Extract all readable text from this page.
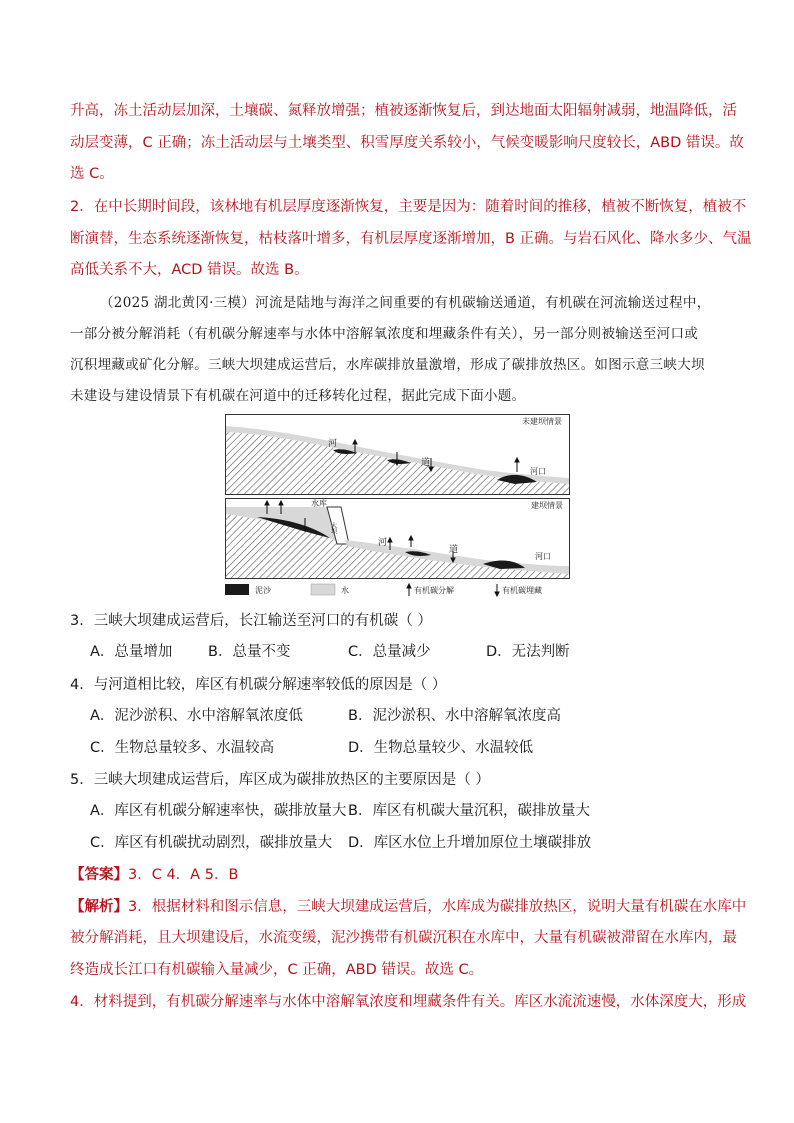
升高，冻土活动层加深，土壤碳、氮释放增强；植被逐渐恢复后，到达地面太阳辐射减弱，地温降低，活
动层变薄，C 正确；冻土活动层与土壤类型、积雪厚度关系较小，气候变暖影响尺度较长，ABD 错误。故
选 C。
2．在中长期时间段，该林地有机层厚度逐渐恢复，主要是因为：随着时间的推移，植被不断恢复，植被不
断演替，生态系统逐渐恢复，枯枝落叶增多，有机层厚度逐渐增加，B 正确。与岩石风化、降水多少、气温
高低关系不大，ACD 错误。故选 B。
（2025 湖北黄冈·三模）河流是陆地与海洋之间重要的有机碳输送通道，有机碳在河流输送过程中，
一部分被分解消耗（有机碳分解速率与水体中溶解氧浓度和埋藏条件有关），另一部分则被输送至河口或
沉积埋藏或矿化分解。三峡大坝建成运营后，水库碳排放量激增，形成了碳排放热区。如图示意三峡大坝
未建设与建设情景下有机碳在河道中的迁移转化过程，据此完成下面小题。
未建坝情景
河
道
河口
建坝情景
水库
大坝
河
道
河口
泥沙	水	有机碳分解	有机碳埋藏
3．三峡大坝建成运营后，长江输送至河口的有机碳（ ）
A．总量增加 B．总量不变	C．总量减少	D．无法判断
4．与河道相比较，库区有机碳分解速率较低的原因是（ ）
A．泥沙淤积、水中溶解氧浓度低	B．泥沙淤积、水中溶解氧浓度高
C．生物总量较多、水温较高	D．生物总量较少、水温较低
5．三峡大坝建成运营后，库区成为碳排放热区的主要原因是（ ）
A．库区有机碳分解速率快，碳排放量大 B．库区有机碳大量沉积，碳排放量大
C．库区有机碳扰动剧烈，碳排放量大 D．库区水位上升增加原位土壤碳排放
【答案】3．C 4．A 5．B
【解析】3．根据材料和图示信息，三峡大坝建成运营后，水库成为碳排放热区，说明大量有机碳在水库中
被分解消耗，且大坝建设后，水流变缓，泥沙携带有机碳沉积在水库中，大量有机碳被滞留在水库内，最
终造成长江口有机碳输入量减少，C 正确，ABD 错误。故选 C。
4．材料提到，有机碳分解速率与水体中溶解氧浓度和埋藏条件有关。库区水流流速慢，水体深度大，形成
